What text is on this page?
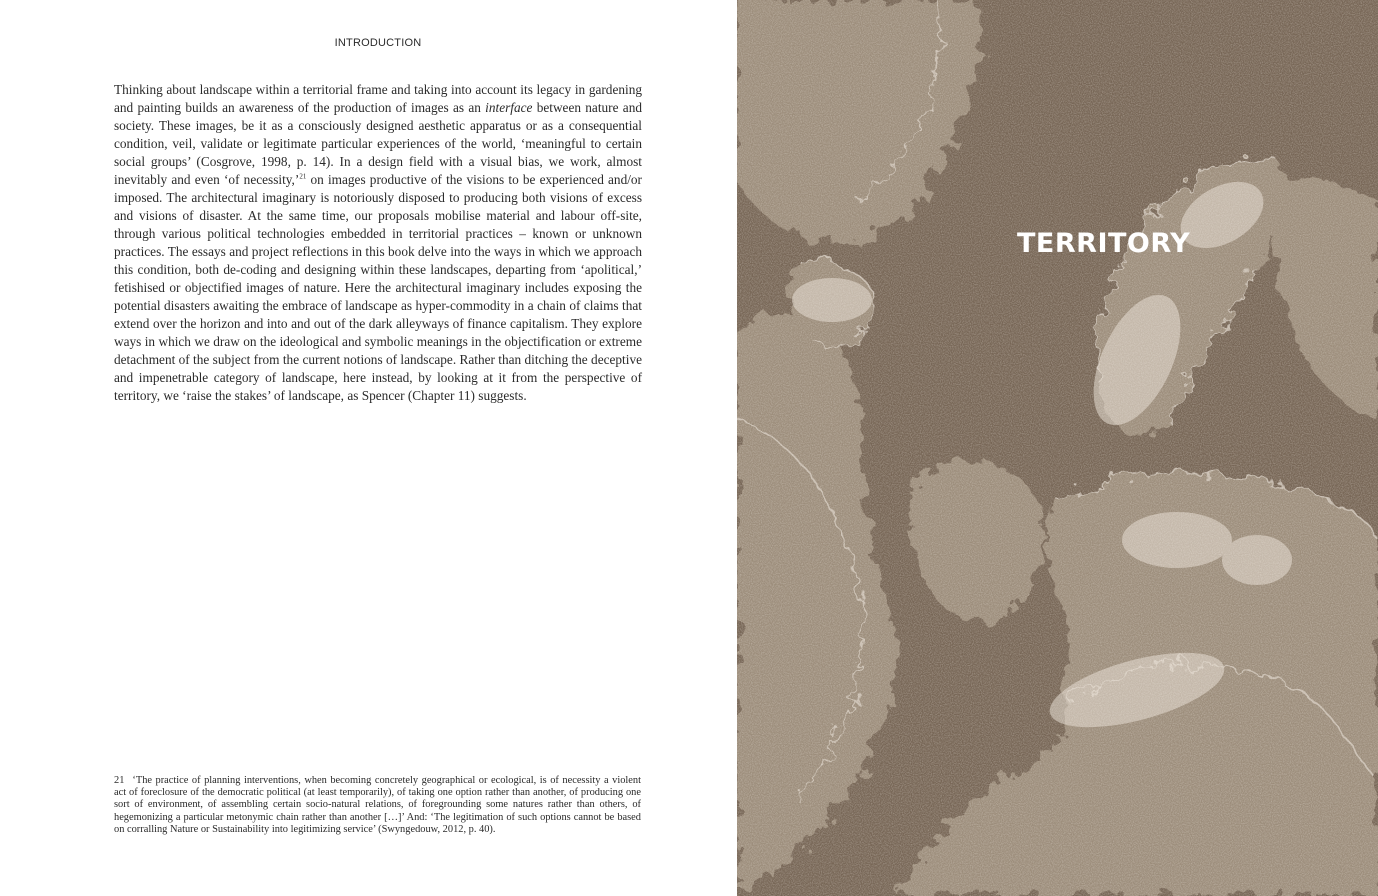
INTRODUCTION

Thinking about landscape within a territorial frame and taking into account its legacy in gardening and painting builds an awareness of the production of images as an interface between nature and society. These images, be it as a consciously designed aesthetic apparatus or as a consequential condition, veil, validate or legitimate particular experiences of the world, ‘meaningful to certain social groups’ (Cosgrove, 1998, p. 14). In a design field with a visual bias, we work, almost inevitably and even ‘of necessity,’$^{21}$ on images productive of the visions to be experienced and/or imposed. The architectural imaginary is notoriously disposed to producing both visions of excess and visions of disaster. At the same time, our proposals mobilise material and labour off-site, through various political technologies embedded in territorial practices – known or unknown practices. The essays and project reflections in this book delve into the ways in which we approach this condition, both de-coding and designing within these landscapes, departing from ‘apolitical,’ fetishised or objectified images of nature. Here the architectural imaginary includes exposing the potential disasters awaiting the embrace of landscape as hyper-commodity in a chain of claims that extend over the horizon and into and out of the dark alleyways of finance capitalism. They explore ways in which we draw on the ideological and symbolic meanings in the objectification or extreme detachment of the subject from the current notions of landscape. Rather than ditching the deceptive and impenetrable category of landscape, here instead, by looking at it from the perspective of territory, we ‘raise the stakes’ of landscape, as Spencer (Chapter 11) suggests.

21 ‘The practice of planning interventions, when becoming concretely geographical or ecological, is of necessity a violent act of foreclosure of the democratic political (at least temporarily), of taking one option rather than another, of producing one sort of environment, of assembling certain socio-natural relations, of foregrounding some natures rather than others, of hegemonizing a particular metonymic chain rather than another […]’ And: ‘The legitimation of such options cannot be based on corralling Nature or Sustainability into legitimizing service’ (Swyngedouw, 2012, p. 40).

TERRITORY
